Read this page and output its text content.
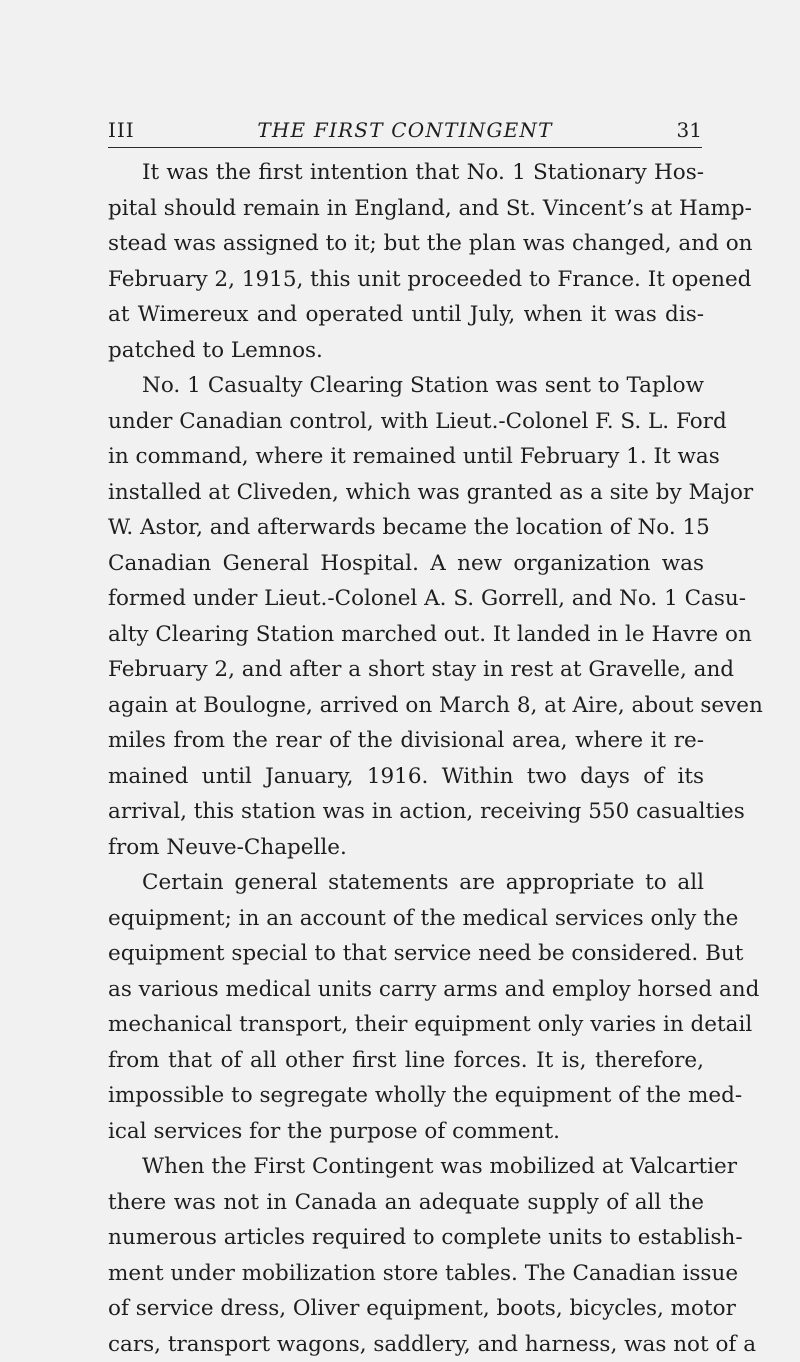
III	THE FIRST CONTINGENT	31
It was the first intention that No. 1 Stationary Hos-
pital should remain in England, and St. Vincent’s at Hamp-
stead was assigned to it; but the plan was changed, and on
February 2, 1915, this unit proceeded to France. It opened
at Wimereux and operated until July, when it was dis-
patched to Lemnos.
No. 1 Casualty Clearing Station was sent to Taplow
under Canadian control, with Lieut.-Colonel F. S. L. Ford
in command, where it remained until February 1. It was
installed at Cliveden, which was granted as a site by Major
W. Astor, and afterwards became the location of No. 15
Canadian General Hospital. A new organization was
formed under Lieut.-Colonel A. S. Gorrell, and No. 1 Casu-
alty Clearing Station marched out. It landed in le Havre on
February 2, and after a short stay in rest at Gravelle, and
again at Boulogne, arrived on March 8, at Aire, about seven
miles from the rear of the divisional area, where it re-
mained until January, 1916. Within two days of its
arrival, this station was in action, receiving 550 casualties
from Neuve-Chapelle.
Certain general statements are appropriate to all
equipment; in an account of the medical services only the
equipment special to that service need be considered. But
as various medical units carry arms and employ horsed and
mechanical transport, their equipment only varies in detail
from that of all other first line forces. It is, therefore,
impossible to segregate wholly the equipment of the med-
ical services for the purpose of comment.
When the First Contingent was mobilized at Valcartier
there was not in Canada an adequate supply of all the
numerous articles required to complete units to establish-
ment under mobilization store tables. The Canadian issue
of service dress, Oliver equipment, boots, bicycles, motor
cars, transport wagons, saddlery, and harness, was not of a
